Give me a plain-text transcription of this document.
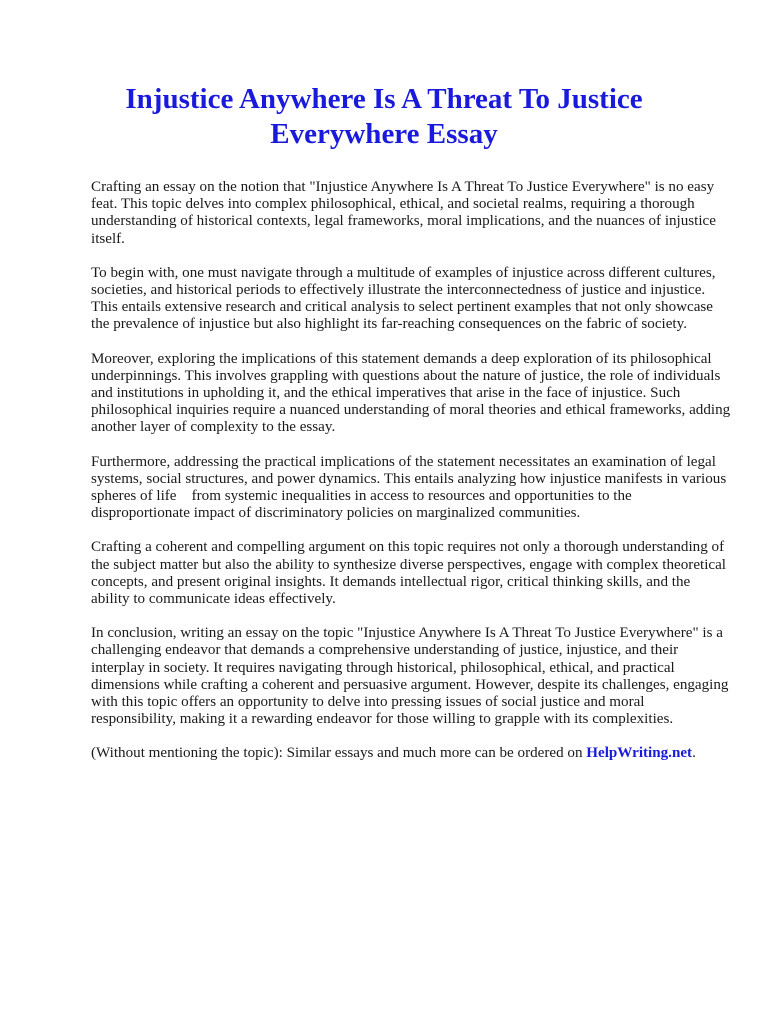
Injustice Anywhere Is A Threat To Justice Everywhere Essay

Crafting an essay on the notion that "Injustice Anywhere Is A Threat To Justice Everywhere" is no easy feat. This topic delves into complex philosophical, ethical, and societal realms, requiring a thorough understanding of historical contexts, legal frameworks, moral implications, and the nuances of injustice itself.

To begin with, one must navigate through a multitude of examples of injustice across different cultures, societies, and historical periods to effectively illustrate the interconnectedness of justice and injustice. This entails extensive research and critical analysis to select pertinent examples that not only showcase the prevalence of injustice but also highlight its far-reaching consequences on the fabric of society.

Moreover, exploring the implications of this statement demands a deep exploration of its philosophical underpinnings. This involves grappling with questions about the nature of justice, the role of individuals and institutions in upholding it, and the ethical imperatives that arise in the face of injustice. Such philosophical inquiries require a nuanced understanding of moral theories and ethical frameworks, adding another layer of complexity to the essay.

Furthermore, addressing the practical implications of the statement necessitates an examination of legal systems, social structures, and power dynamics. This entails analyzing how injustice manifests in various spheres of life    from systemic inequalities in access to resources and opportunities to the disproportionate impact of discriminatory policies on marginalized communities.

Crafting a coherent and compelling argument on this topic requires not only a thorough understanding of the subject matter but also the ability to synthesize diverse perspectives, engage with complex theoretical concepts, and present original insights. It demands intellectual rigor, critical thinking skills, and the ability to communicate ideas effectively.

In conclusion, writing an essay on the topic "Injustice Anywhere Is A Threat To Justice Everywhere" is a challenging endeavor that demands a comprehensive understanding of justice, injustice, and their interplay in society. It requires navigating through historical, philosophical, ethical, and practical dimensions while crafting a coherent and persuasive argument. However, despite its challenges, engaging with this topic offers an opportunity to delve into pressing issues of social justice and moral responsibility, making it a rewarding endeavor for those willing to grapple with its complexities.

(Without mentioning the topic): Similar essays and much more can be ordered on HelpWriting.net.
